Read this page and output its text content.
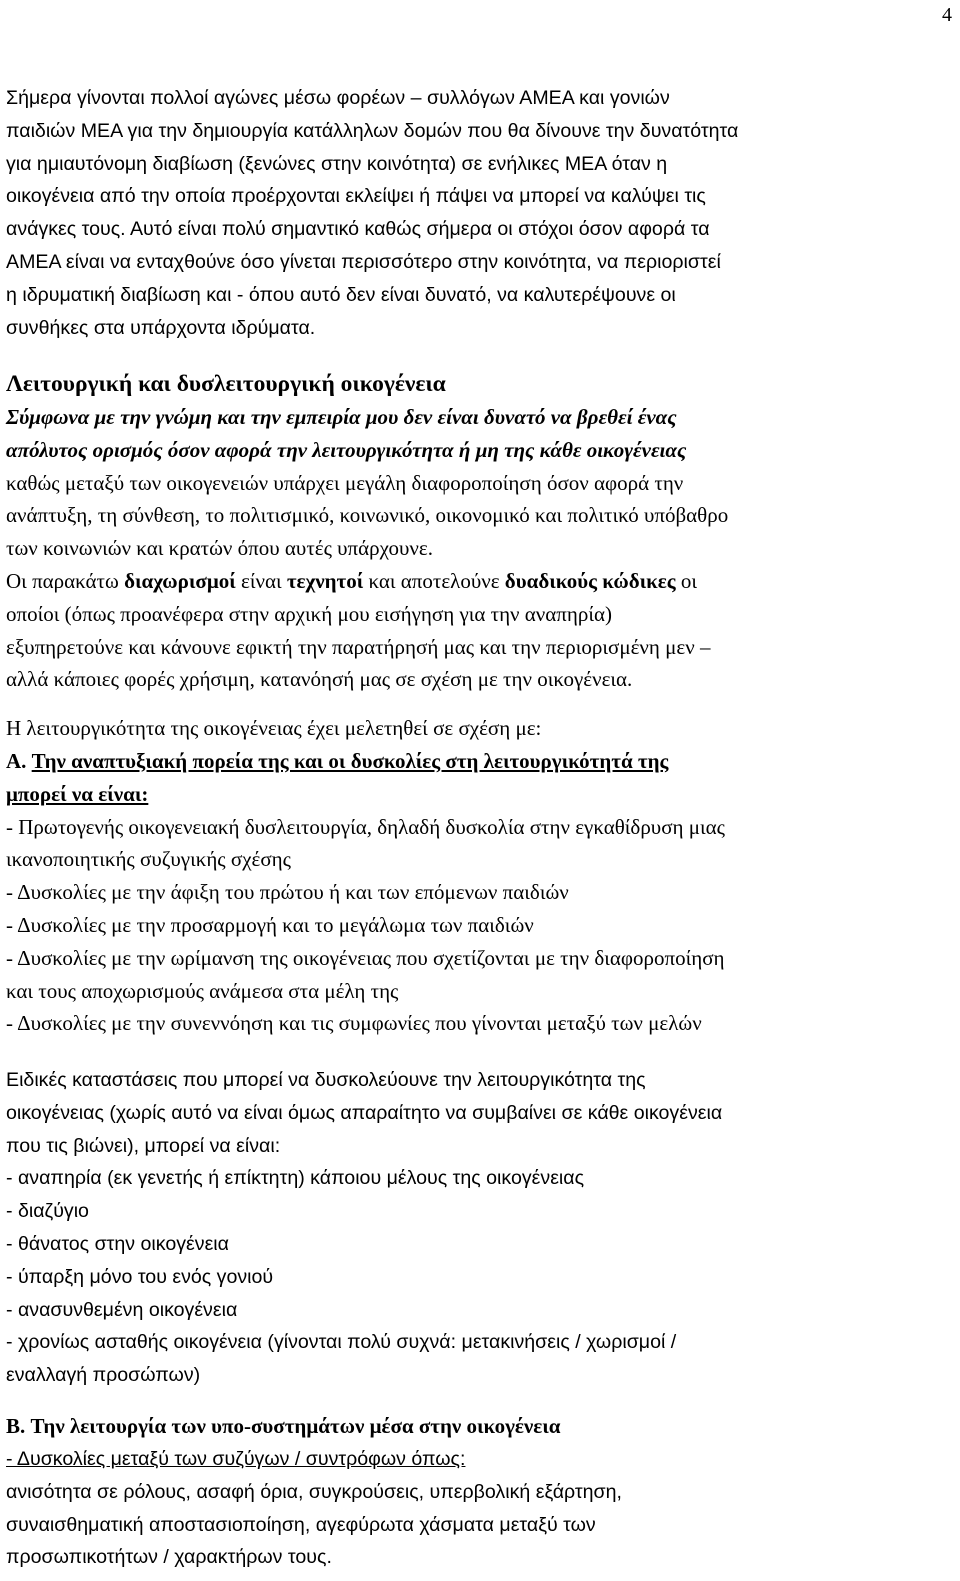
4
Σήμερα γίνονται πολλοί αγώνες μέσω φορέων – συλλόγων ΑΜΕΑ και γονιών
παιδιών ΜΕΑ για την δημιουργία κατάλληλων δομών που θα δίνουνε την δυνατότητα
για ημιαυτόνομη διαβίωση (ξενώνες στην κοινότητα) σε ενήλικες ΜΕΑ όταν η
οικογένεια από την οποία προέρχονται εκλείψει ή πάψει να μπορεί να καλύψει τις
ανάγκες τους. Αυτό είναι πολύ σημαντικό καθώς σήμερα οι στόχοι όσον αφορά τα
ΑΜΕΑ είναι να ενταχθούνε όσο γίνεται περισσότερο στην κοινότητα, να περιοριστεί
η ιδρυματική διαβίωση και - όπου αυτό δεν είναι δυνατό, να καλυτερέψουνε οι
συνθήκες στα υπάρχοντα ιδρύματα.
Λειτουργική και δυσλειτουργική οικογένεια
Σύμφωνα με την γνώμη και την εμπειρία μου δεν είναι δυνατό να βρεθεί ένας
απόλυτος ορισμός όσον αφορά την λειτουργικότητα ή μη της κάθε οικογένειας
καθώς μεταξύ των οικογενειών υπάρχει μεγάλη διαφοροποίηση όσον αφορά την
ανάπτυξη, τη σύνθεση, το πολιτισμικό, κοινωνικό, οικονομικό και πολιτικό υπόβαθρο
των κοινωνιών και κρατών όπου αυτές υπάρχουνε.
Οι παρακάτω διαχωρισμοί είναι τεχνητοί και αποτελούνε δυαδικούς κώδικες οι
οποίοι (όπως προανέφερα στην αρχική μου εισήγηση για την αναπηρία)
εξυπηρετούνε και κάνουνε εφικτή την παρατήρησή μας και την περιορισμένη μεν –
αλλά κάποιες φορές χρήσιμη, κατανόησή μας σε σχέση με την οικογένεια.
Η λειτουργικότητα της οικογένειας έχει μελετηθεί σε σχέση με:
Α. Την αναπτυξιακή πορεία της και οι δυσκολίες στη λειτουργικότητά της
μπορεί να είναι:
- Πρωτογενής οικογενειακή δυσλειτουργία, δηλαδή δυσκολία στην εγκαθίδρυση μιας
ικανοποιητικής συζυγικής σχέσης
- Δυσκολίες με την άφιξη του πρώτου ή και των επόμενων παιδιών
- Δυσκολίες με την προσαρμογή και το μεγάλωμα των παιδιών
- Δυσκολίες με την ωρίμανση της οικογένειας που σχετίζονται με την διαφοροποίηση
και τους αποχωρισμούς ανάμεσα στα μέλη της
- Δυσκολίες με την συνεννόηση και τις συμφωνίες που γίνονται μεταξύ των μελών
Ειδικές καταστάσεις που μπορεί να δυσκολεύουνε την λειτουργικότητα της
οικογένειας (χωρίς αυτό να είναι όμως απαραίτητο να συμβαίνει σε κάθε οικογένεια
που τις βιώνει), μπορεί να είναι:
- αναπηρία (εκ γενετής ή επίκτητη) κάποιου μέλους της οικογένειας
- διαζύγιο
- θάνατος στην οικογένεια
- ύπαρξη μόνο του ενός γονιού
- ανασυνθεμένη οικογένεια
- χρονίως ασταθής οικογένεια (γίνονται πολύ συχνά: μετακινήσεις / χωρισμοί /
εναλλαγή προσώπων)
Β. Την λειτουργία των υπο-συστημάτων μέσα στην οικογένεια
- Δυσκολίες μεταξύ των συζύγων / συντρόφων όπως:
ανισότητα σε ρόλους, ασαφή όρια, συγκρούσεις, υπερβολική εξάρτηση,
συναισθηματική αποστασιοποίηση, αγεφύρωτα χάσματα μεταξύ των
προσωπικοτήτων / χαρακτήρων τους.
